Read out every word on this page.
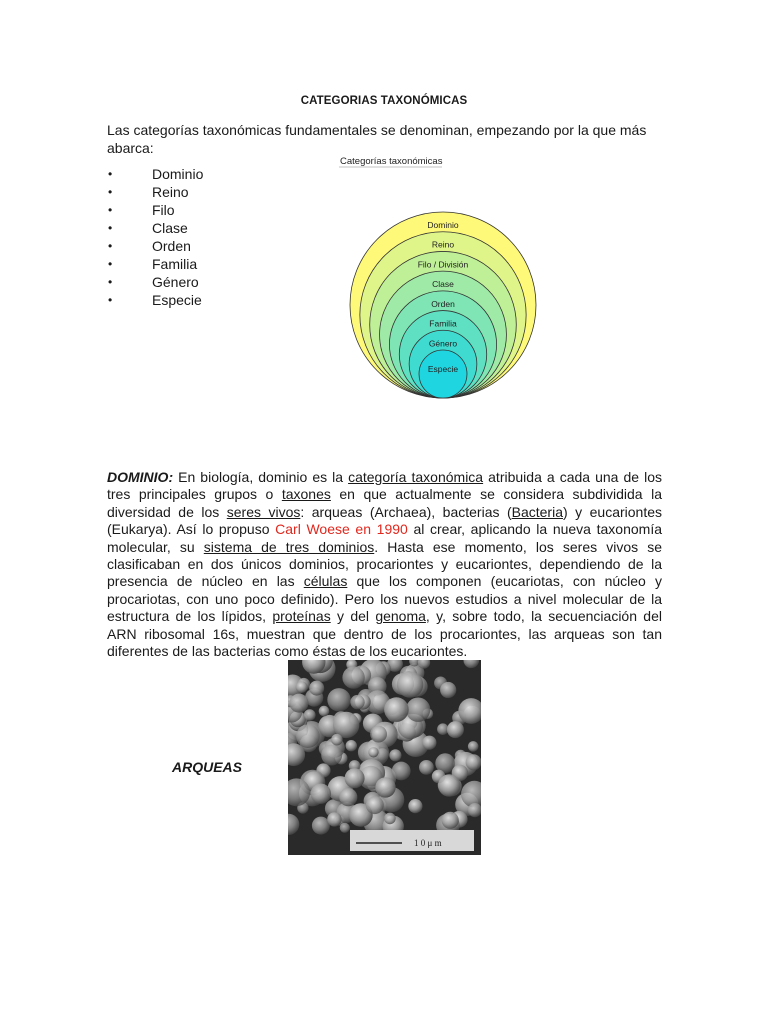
CATEGORIAS TAXONÓMICAS
Las categorías taxonómicas fundamentales se denominan, empezando por la que más abarca:
•	Dominio
•	Reino
•	Filo
•	Clase
•	Orden
•	Familia
•	Género
•	Especie
Categorías taxonómicas
Dominio
Reino
Filo / División
Clase
Orden
Familia
Género
Especie
DOMINIO: En biología, dominio es la categoría taxonómica atribuida a cada una de los tres principales grupos o taxones en que actualmente se considera subdividida la diversidad de los seres vivos: arqueas (Archaea), bacterias (Bacteria) y eucariontes (Eukarya). Así lo propuso Carl Woese en 1990 al crear, aplicando la nueva taxonomía molecular, su sistema de tres dominios. Hasta ese momento, los seres vivos se clasificaban en dos únicos dominios, procariontes y eucariontes, dependiendo de la presencia de núcleo en las células que los componen (eucariotas, con núcleo y procariotas, con uno poco definido). Pero los nuevos estudios a nivel molecular de la estructura de los lípidos, proteínas y del genoma, y, sobre todo, la secuenciación del ARN ribosomal 16s, muestran que dentro de los procariontes, las arqueas son tan diferentes de las bacterias como éstas de los eucariontes.
ARQUEAS
1 0 μ m
